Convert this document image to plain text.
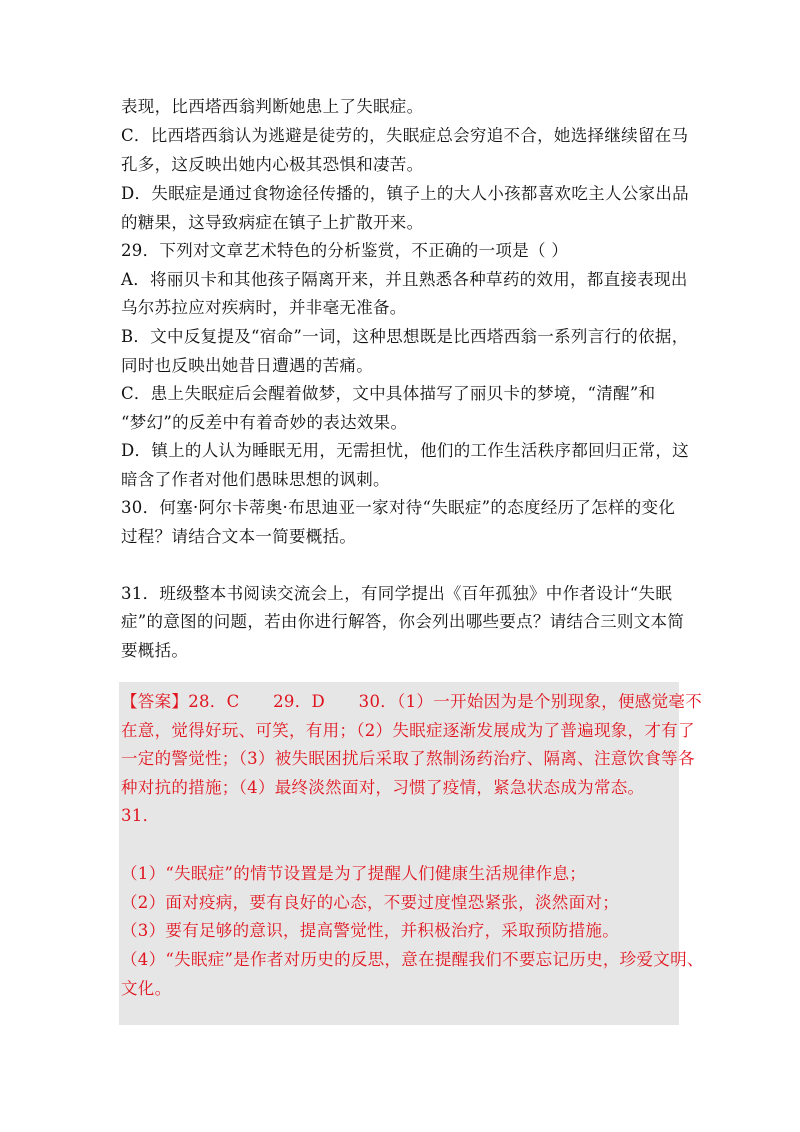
表现，比西塔西翁判断她患上了失眠症。
C．比西塔西翁认为逃避是徒劳的，失眠症总会穷追不合，她选择继续留在马
孔多，这反映出她内心极其恐惧和凄苦。
D．失眠症是通过食物途径传播的，镇子上的大人小孩都喜欢吃主人公家出品
的糖果，这导致病症在镇子上扩散开来。
29．下列对文章艺术特色的分析鉴赏，不正确的一项是（ ）
A．将丽贝卡和其他孩子隔离开来，并且熟悉各种草药的效用，都直接表现出
乌尔苏拉应对疾病时，并非毫无准备。
B．文中反复提及“宿命”一词，这种思想既是比西塔西翁一系列言行的依据，
同时也反映出她昔日遭遇的苦痛。
C．患上失眠症后会醒着做梦，文中具体描写了丽贝卡的梦境，“清醒”和
“梦幻”的反差中有着奇妙的表达效果。
D．镇上的人认为睡眠无用，无需担忧，他们的工作生活秩序都回归正常，这
暗含了作者对他们愚昧思想的讽刺。
30．何塞·阿尔卡蒂奥·布思迪亚一家对待“失眠症”的态度经历了怎样的变化
过程？请结合文本一简要概括。
31．班级整本书阅读交流会上，有同学提出《百年孤独》中作者设计“失眠
症”的意图的问题，若由你进行解答，你会列出哪些要点？请结合三则文本简
要概括。
【答案】28．C　　29．D　　30．（1）一开始因为是个别现象，便感觉毫不
在意，觉得好玩、可笑，有用；（2）失眠症逐渐发展成为了普遍现象，才有了
一定的警觉性；（3）被失眠困扰后采取了熬制汤药治疗、隔离、注意饮食等各
种对抗的措施；（4）最终淡然面对，习惯了疫情，紧急状态成为常态。
31．
（1）“失眠症”的情节设置是为了提醒人们健康生活规律作息；
（2）面对疫病，要有良好的心态，不要过度惶恐紧张，淡然面对；
（3）要有足够的意识，提高警觉性，并积极治疗，采取预防措施。
（4）“失眠症”是作者对历史的反思，意在提醒我们不要忘记历史，珍爱文明、
文化。
